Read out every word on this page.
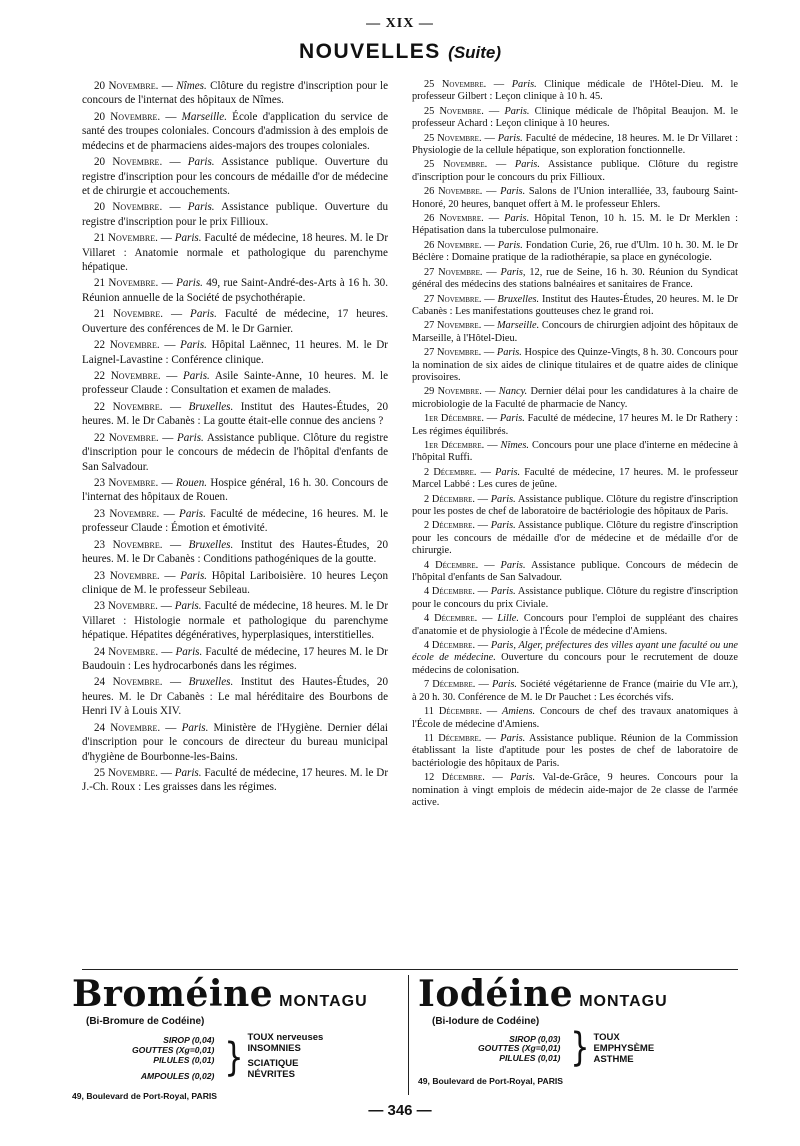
— XIX —
NOUVELLES (Suite)

20 Novembre. — Nîmes. Clôture du registre d'inscription pour le concours de l'internat des hôpitaux de Nîmes.

20 Novembre. — Marseille. École d'application du service de santé des troupes coloniales. Concours d'admission à des emplois de médecins et de pharmaciens aides-majors des troupes coloniales.

20 Novembre. — Paris. Assistance publique. Ouverture du registre d'inscription pour les concours de médaille d'or de médecine et de chirurgie et accouchements.

20 Novembre. — Paris. Assistance publique. Ouverture du registre d'inscription pour le prix Fillioux.

21 Novembre. — Paris. Faculté de médecine, 18 heures. M. le Dr Villaret : Anatomie normale et pathologique du parenchyme hépatique.

21 Novembre. — Paris. 49, rue Saint-André-des-Arts à 16 h. 30. Réunion annuelle de la Société de psychothérapie.

21 Novembre. — Paris. Faculté de médecine, 17 heures. Ouverture des conférences de M. le Dr Garnier.

22 Novembre. — Paris. Hôpital Laënnec, 11 heures. M. le Dr Laignel-Lavastine : Conférence clinique.

22 Novembre. — Paris. Asile Sainte-Anne, 10 heures. M. le professeur Claude : Consultation et examen de malades.

22 Novembre. — Bruxelles. Institut des Hautes-Études, 20 heures. M. le Dr Cabanès : La goutte était-elle connue des anciens ?

22 Novembre. — Paris. Assistance publique. Clôture du registre d'inscription pour le concours de médecin de l'hôpital d'enfants de San Salvadour.

23 Novembre. — Rouen. Hospice général, 16 h. 30. Concours de l'internat des hôpitaux de Rouen.

23 Novembre. — Paris. Faculté de médecine, 16 heures. M. le professeur Claude : Émotion et émotivité.

23 Novembre. — Bruxelles. Institut des Hautes-Études, 20 heures. M. le Dr Cabanès : Conditions pathogéniques de la goutte.

23 Novembre. — Paris. Hôpital Lariboisière. 10 heures Leçon clinique de M. le professeur Sebileau.

23 Novembre. — Paris. Faculté de médecine, 18 heures. M. le Dr Villaret : Histologie normale et pathologique du parenchyme hépatique. Hépatites dégénératives, hyperplasiques, interstitielles.

24 Novembre. — Paris. Faculté de médecine, 17 heures M. le Dr Baudouin : Les hydrocarbonés dans les régimes.

24 Novembre. — Bruxelles. Institut des Hautes-Études, 20 heures. M. le Dr Cabanès : Le mal héréditaire des Bourbons de Henri IV à Louis XIV.

24 Novembre. — Paris. Ministère de l'Hygiène. Dernier délai d'inscription pour le concours de directeur du bureau municipal d'hygiène de Bourbonne-les-Bains.

25 Novembre. — Paris. Faculté de médecine, 17 heures. M. le Dr J.-Ch. Roux : Les graisses dans les régimes.

25 Novembre. — Paris. Clinique médicale de l'Hôtel-Dieu. M. le professeur Gilbert : Leçon clinique à 10 h. 45.

25 Novembre. — Paris. Clinique médicale de l'hôpital Beaujon. M. le professeur Achard : Leçon clinique à 10 heures.

25 Novembre. — Paris. Faculté de médecine, 18 heures. M. le Dr Villaret : Physiologie de la cellule hépatique, son exploration fonctionnelle.

25 Novembre. — Paris. Assistance publique. Clôture du registre d'inscription pour le concours du prix Fillioux.

26 Novembre. — Paris. Salons de l'Union interalliée, 33, faubourg Saint-Honoré, 20 heures, banquet offert à M. le professeur Ehlers.

26 Novembre. — Paris. Hôpital Tenon, 10 h. 15. M. le Dr Merklen : Hépatisation dans la tuberculose pulmonaire.

26 Novembre. — Paris. Fondation Curie, 26, rue d'Ulm. 10 h. 30. M. le Dr Béclère : Domaine pratique de la radiothérapie, sa place en gynécologie.

27 Novembre. — Paris, 12, rue de Seine, 16 h. 30. Réunion du Syndicat général des médecins des stations balnéaires et sanitaires de France.

27 Novembre. — Bruxelles. Institut des Hautes-Études, 20 heures. M. le Dr Cabanès : Les manifestations goutteuses chez le grand roi.

27 Novembre. — Marseille. Concours de chirurgien adjoint des hôpitaux de Marseille, à l'Hôtel-Dieu.

27 Novembre. — Paris. Hospice des Quinze-Vingts, 8 h. 30. Concours pour la nomination de six aides de clinique titulaires et de quatre aides de clinique provisoires.

29 Novembre. — Nancy. Dernier délai pour les candidatures à la chaire de microbiologie de la Faculté de pharmacie de Nancy.

1er Décembre. — Paris. Faculté de médecine, 17 heures M. le Dr Rathery : Les régimes équilibrés.

1er Décembre. — Nîmes. Concours pour une place d'interne en médecine à l'hôpital Ruffi.

2 Décembre. — Paris. Faculté de médecine, 17 heures. M. le professeur Marcel Labbé : Les cures de jeûne.

2 Décembre. — Paris. Assistance publique. Clôture du registre d'inscription pour les postes de chef de laboratoire de bactériologie des hôpitaux de Paris.

2 Décembre. — Paris. Assistance publique. Clôture du registre d'inscription pour les concours de médaille d'or de médecine et de médaille d'or de chirurgie.

4 Décembre. — Paris. Assistance publique. Concours de médecin de l'hôpital d'enfants de San Salvadour.

4 Décembre. — Paris. Assistance publique. Clôture du registre d'inscription pour le concours du prix Civiale.

4 Décembre. — Lille. Concours pour l'emploi de suppléant des chaires d'anatomie et de physiologie à l'École de médecine d'Amiens.

4 Décembre. — Paris, Alger, préfectures des villes ayant une faculté ou une école de médecine. Ouverture du concours pour le recrutement de douze médecins de colonisation.

7 Décembre. — Paris. Société végétarienne de France (mairie du VIe arr.), à 20 h. 30. Conférence de M. le Dr Pauchet : Les écorchés vifs.

11 Décembre. — Amiens. Concours de chef des travaux anatomiques à l'École de médecine d'Amiens.

11 Décembre. — Paris. Assistance publique. Réunion de la Commission établissant la liste d'aptitude pour les postes de chef de laboratoire de bactériologie des hôpitaux de Paris.

12 Décembre. — Paris. Val-de-Grâce, 9 heures. Concours pour la nomination à vingt emplois de médecin aide-major de 2e classe de l'armée active.

Broméine MONTAGU
(Bi-Bromure de Codéine)
SIROP (0,04)
GOUTTES (Xg=0,01)
PILULES (0,01)
AMPOULES (0,02) } TOUX nerveuses
INSOMNIES
SCIATIQUE
NÉVRITES
49, Boulevard de Port-Royal, PARIS
Iodéine MONTAGU
(Bi-Iodure de Codéine)
SIROP (0,03)
GOUTTES (Xg=0,01)
PILULES (0,01) } TOUX
EMPHYSÈME
ASTHME
49, Boulevard de Port-Royal, PARIS
— 346 —
